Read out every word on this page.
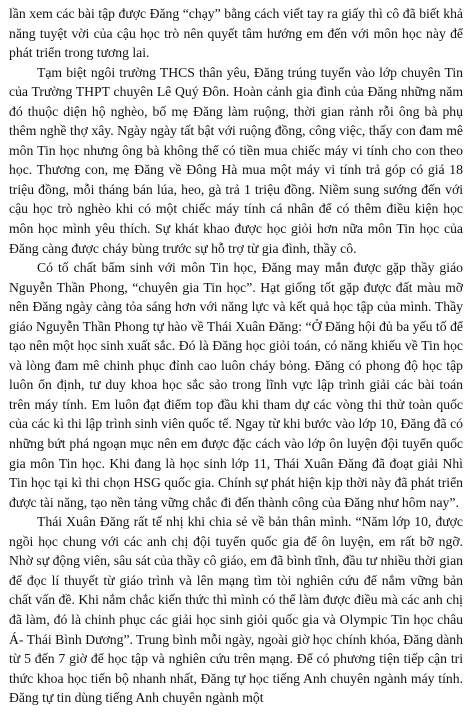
lần xem các bài tập được Đăng “chạy” bằng cách viết tay ra giấy thì cô đã biết khả năng tuyệt vời của cậu học trò nên quyết tâm hướng em đến với môn học này để phát triển trong tương lai.

Tạm biệt ngôi trường THCS thân yêu, Đăng trúng tuyển vào lớp chuyên Tin của Trường THPT chuyên Lê Quý Đôn. Hoàn cảnh gia đình của Đăng những năm đó thuộc diện hộ nghèo, bố mẹ Đăng làm ruộng, thời gian rảnh rỗi ông bà phụ thêm nghề thợ xây. Ngày ngày tất bật với ruộng đồng, công việc, thấy con đam mê môn Tin học nhưng ông bà không thể có tiền mua chiếc máy vi tính cho con theo học. Thương con, mẹ Đăng về Đông Hà mua một máy vi tính trả góp có giá 18 triệu đồng, mỗi tháng bán lúa, heo, gà trả 1 triệu đồng. Niềm sung sướng đến với cậu học trò nghèo khi có một chiếc máy tính cá nhân để có thêm điều kiện học môn học mình yêu thích. Sự khát khao được học giỏi hơn nữa môn Tin học của Đăng càng được cháy bùng trước sự hỗ trợ từ gia đình, thầy cô.

Có tố chất bẩm sinh với môn Tin học, Đăng may mắn được gặp thầy giáo Nguyễn Thần Phong, “chuyên gia Tin học”. Hạt giống tốt gặp được đất màu mỡ nên Đăng ngày càng tỏa sáng hơn với năng lực và kết quả học tập của mình. Thầy giáo Nguyễn Thần Phong tự hào về Thái Xuân Đăng: “Ở Đăng hội đủ ba yếu tố để tạo nên một học sinh xuất sắc. Đó là Đăng học giỏi toán, có năng khiếu về Tin học và lòng đam mê chinh phục đỉnh cao luôn cháy bỏng. Đăng có phong độ học tập luôn ổn định, tư duy khoa học sắc sảo trong lĩnh vực lập trình giải các bài toán trên máy tính. Em luôn đạt điểm top đầu khi tham dự các vòng thi thử toàn quốc của các kì thi lập trình sinh viên quốc tế. Ngay từ khi bước vào lớp 10, Đăng đã có những bứt phá ngoạn mục nên em được đặc cách vào lớp ôn luyện đội tuyển quốc gia môn Tin học. Khi đang là học sinh lớp 11, Thái Xuân Đăng đã đoạt giải Nhì Tin học tại kì thi chọn HSG quốc gia. Chính sự phát hiện kịp thời này đã phát triển được tài năng, tạo nền tảng vững chắc đi đến thành công của Đăng như hôm nay”.

Thái Xuân Đăng rất tế nhị khi chia sẻ về bản thân mình. “Năm lớp 10, được ngồi học chung với các anh chị đội tuyển quốc gia để ôn luyện, em rất bỡ ngỡ. Nhờ sự động viên, sâu sát của thầy cô giáo, em đã bình tĩnh, đầu tư nhiều thời gian để đọc lí thuyết từ giáo trình và lên mạng tìm tòi nghiên cứu để nắm vững bản chất vấn đề. Khi nắm chắc kiến thức thì mình có thể làm được điều mà các anh chị đã làm, đó là chinh phục các giải học sinh giỏi quốc gia và Olympic Tin học châu Á- Thái Bình Dương”. Trung bình mỗi ngày, ngoài giờ học chính khóa, Đăng dành từ 5 đến 7 giờ để học tập và nghiên cứu trên mạng. Để có phương tiện tiếp cận tri thức khoa học tiến bộ nhanh nhất, Đăng tự học tiếng Anh chuyên ngành máy tính. Đăng tự tin dùng tiếng Anh chuyên ngành một
